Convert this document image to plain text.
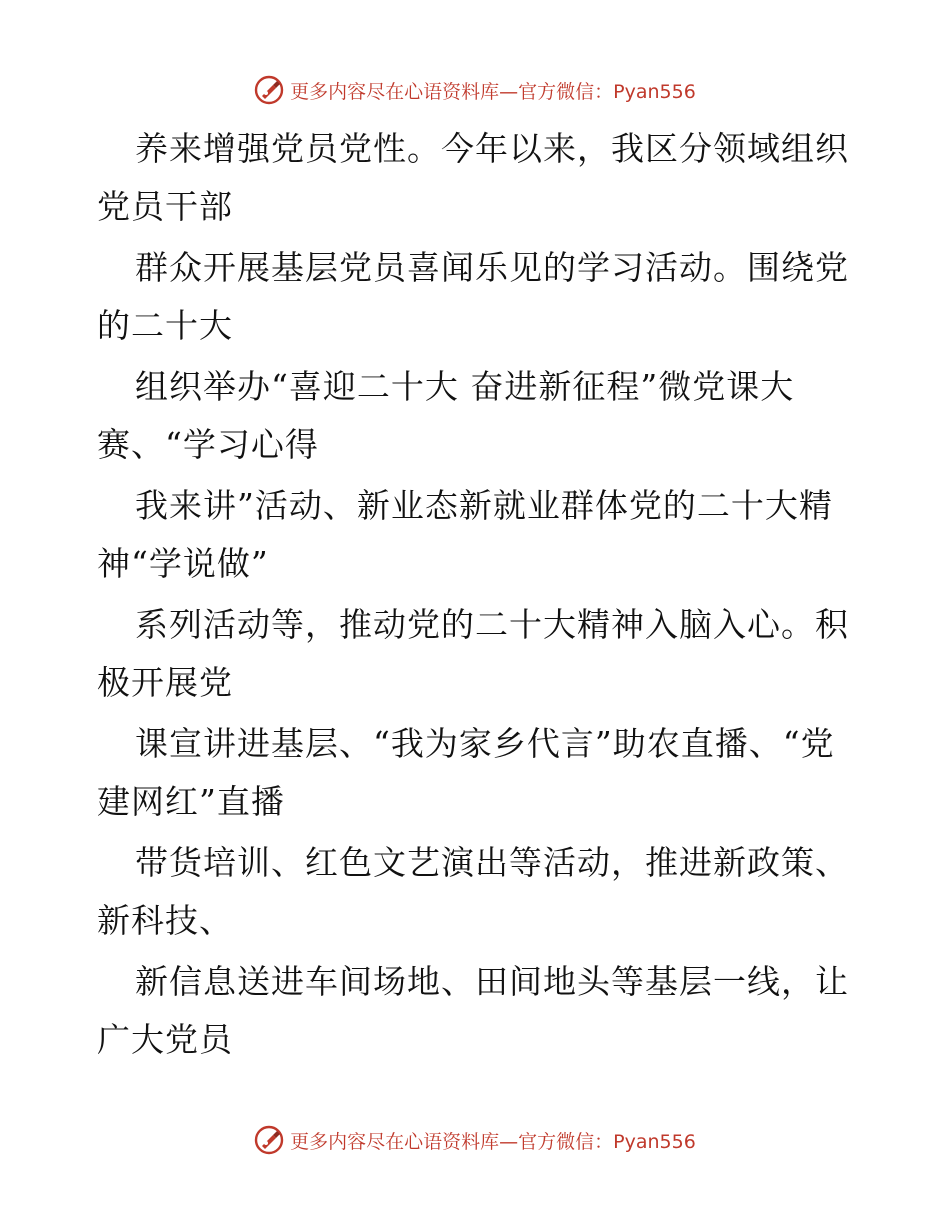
更多内容尽在心语资料库—官方微信：Pyan556

养来增强党员党性。今年以来，我区分领域组织党员干部

群众开展基层党员喜闻乐见的学习活动。围绕党的二十大

组织举办“喜迎二十大 奋进新征程”微党课大赛、“学习心得

我来讲”活动、新业态新就业群体党的二十大精神“学说做”

系列活动等，推动党的二十大精神入脑入心。积极开展党

课宣讲进基层、“我为家乡代言”助农直播、“党建网红”直播

带货培训、红色文艺演出等活动，推进新政策、新科技、

新信息送进车间场地、田间地头等基层一线，让广大党员

更多内容尽在心语资料库—官方微信：Pyan556
